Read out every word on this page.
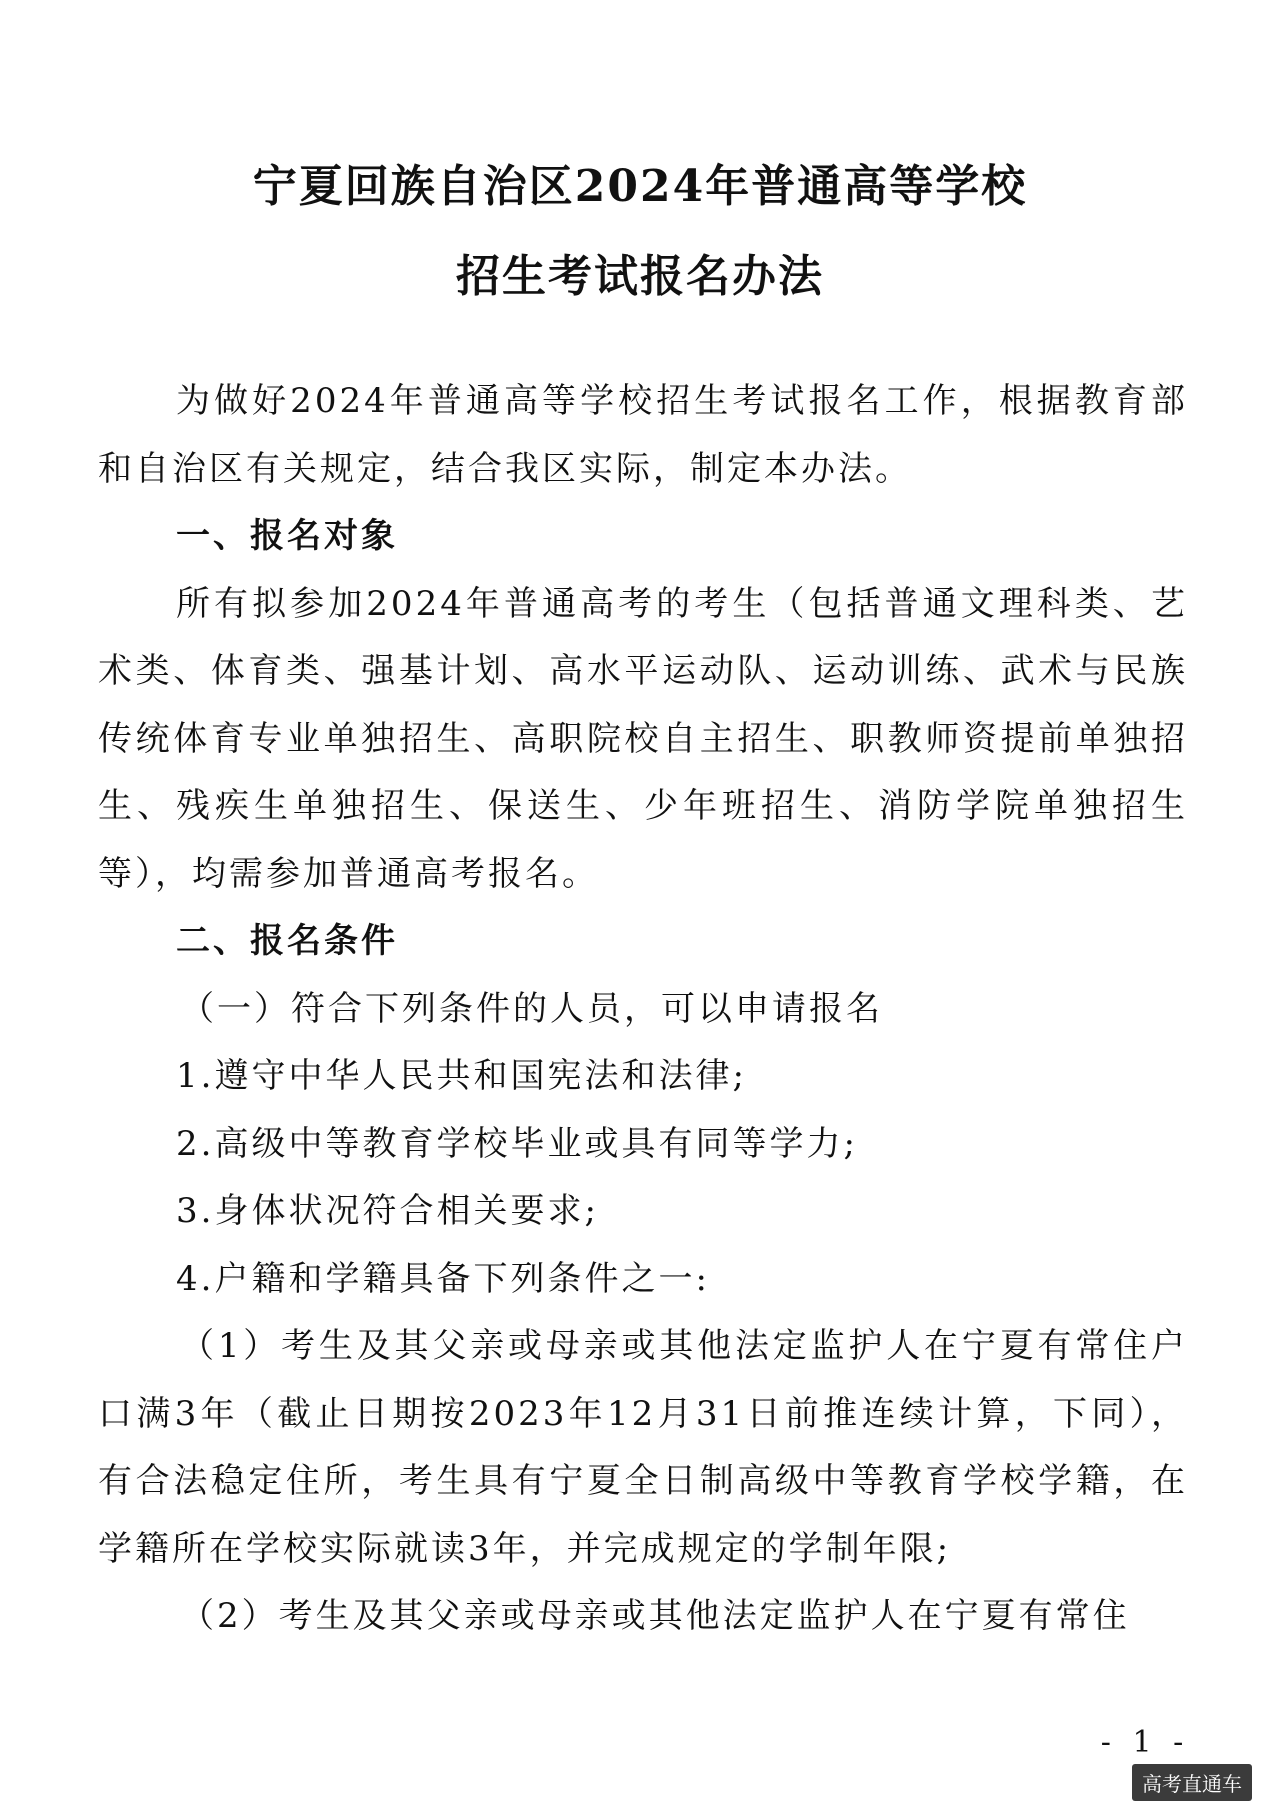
宁夏回族自治区2024年普通高等学校
招生考试报名办法

为做好2024年普通高等学校招生考试报名工作，根据教育部和自治区有关规定，结合我区实际，制定本办法。

一、报名对象

所有拟参加2024年普通高考的考生（包括普通文理科类、艺术类、体育类、强基计划、高水平运动队、运动训练、武术与民族传统体育专业单独招生、高职院校自主招生、职教师资提前单独招生、残疾生单独招生、保送生、少年班招生、消防学院单独招生等），均需参加普通高考报名。

二、报名条件

（一）符合下列条件的人员，可以申请报名

1.遵守中华人民共和国宪法和法律;

2.高级中等教育学校毕业或具有同等学力;

3.身体状况符合相关要求;

4.户籍和学籍具备下列条件之一:

（1）考生及其父亲或母亲或其他法定监护人在宁夏有常住户口满3年（截止日期按2023年12月31日前推连续计算，下同），有合法稳定住所，考生具有宁夏全日制高级中等教育学校学籍，在学籍所在学校实际就读3年，并完成规定的学制年限;

（2）考生及其父亲或母亲或其他法定监护人在宁夏有常住

- 1 -
高考直通车
